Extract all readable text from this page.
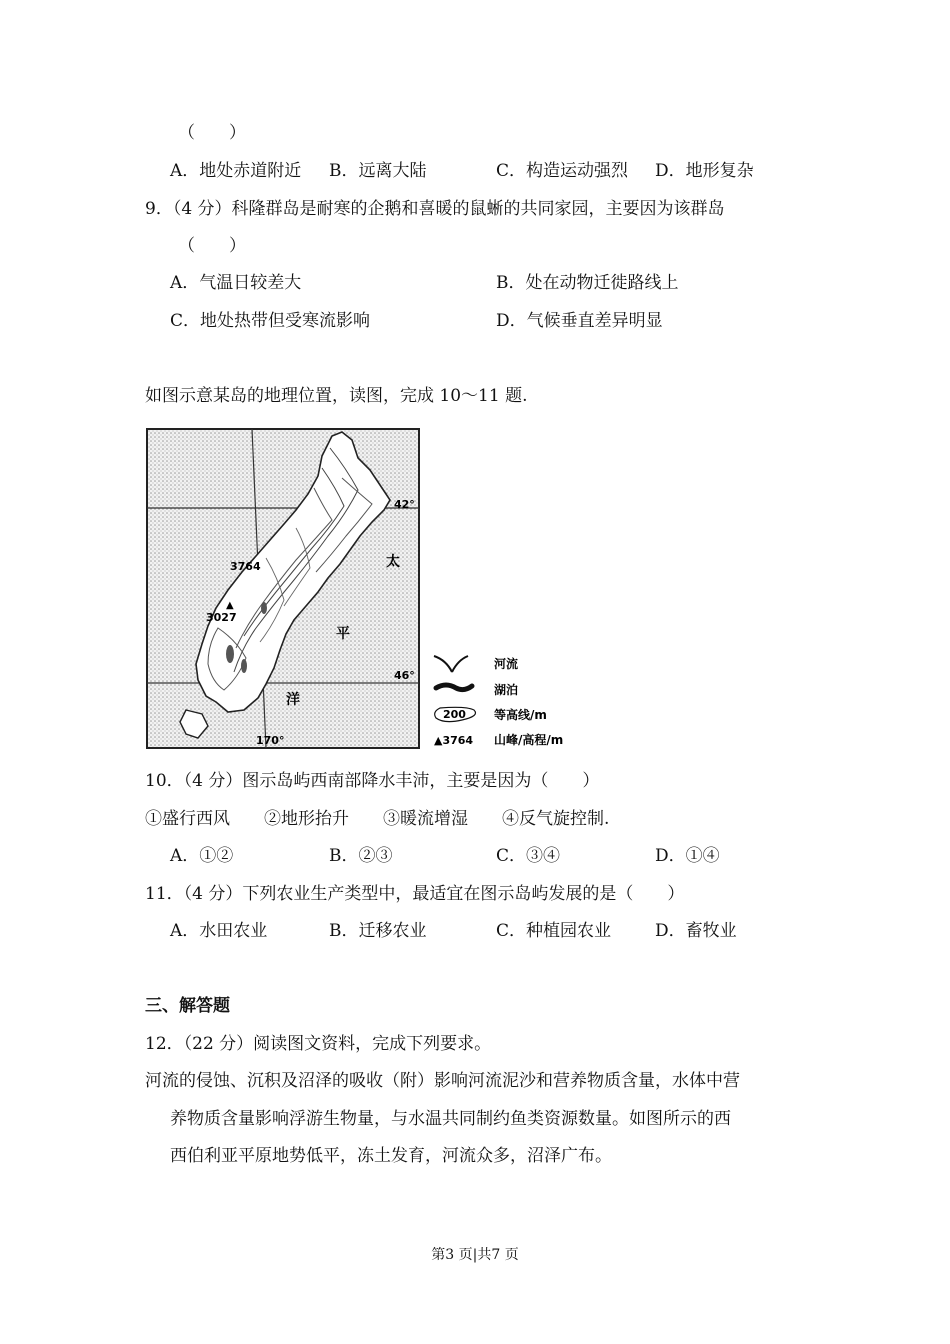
（　　）
A．地处赤道附近 B．远离大陆	C．构造运动强烈 D．地形复杂
9．（4 分）科隆群岛是耐寒的企鹅和喜暖的鼠蜥的共同家园，主要因为该群岛
（　　）
A．气温日较差大	B．处在动物迁徙路线上
C．地处热带但受寒流影响	D．气候垂直差异明显
如图示意某岛的地理位置，读图，完成 10～11 题.
42°
46°
170°
3764
▲
3027
太
平
洋
河流
湖泊
200 等高线/m
▲3764 山峰/高程/m
10．（4 分）图示岛屿西南部降水丰沛，主要是因为（　　）
①盛行西风　　②地形抬升　　③暖流增湿　　④反气旋控制.
A．①②	B．②③	C．③④	D．①④
11．（4 分）下列农业生产类型中，最适宜在图示岛屿发展的是（　　）
A．水田农业	B．迁移农业	C．种植园农业	D．畜牧业
三、解答题
12．（22 分）阅读图文资料，完成下列要求。
河流的侵蚀、沉积及沼泽的吸收（附）影响河流泥沙和营养物质含量，水体中营
养物质含量影响浮游生物量，与水温共同制约鱼类资源数量。如图所示的西
西伯利亚平原地势低平，冻土发育，河流众多，沼泽广布。
第3 页|共7 页
